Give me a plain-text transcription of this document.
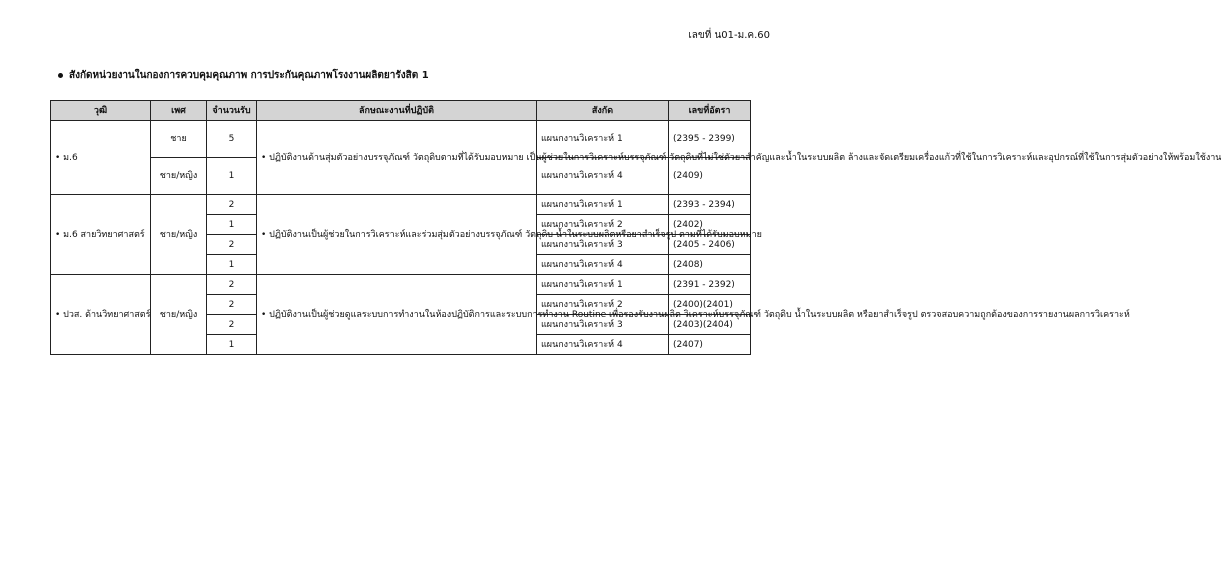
เลขที่ น01-ม.ค.60
สังกัดหน่วยงานในกองการควบคุมคุณภาพ การประกันคุณภาพโรงงานผลิตยารังสิต 1
วุฒิ	เพศ	จำนวนรับ	ลักษณะงานที่ปฏิบัติ	สังกัด	เลขที่อัตรา
• ม.6	ชาย	5	• ปฏิบัติงานด้านสุ่มตัวอย่างบรรจุภัณฑ์ วัตถุดิบตามที่ได้รับมอบหมาย เป็นผู้ช่วยในการวิเคราะห์บรรจุภัณฑ์ วัตถุดิบที่ไม่ใช่ตัวยาสำคัญและน้ำในระบบผลิต ล้างและจัดเตรียมเครื่องแก้วที่ใช้ในการวิเคราะห์และอุปกรณ์ที่ใช้ในการสุ่มตัวอย่างให้พร้อมใช้งาน	แผนกงานวิเคราะห์ 1	(2395 - 2399)
	ชาย/หญิง	1		แผนกงานวิเคราะห์ 4	(2409)
• ม.6 สายวิทยาศาสตร์	ชาย/หญิง	2	• ปฏิบัติงานเป็นผู้ช่วยในการวิเคราะห์และร่วมสุ่มตัวอย่างบรรจุภัณฑ์ วัตถุดิบ น้ำในระบบผลิตหรือยาสำเร็จรูป ตามที่ได้รับมอบหมาย	แผนกงานวิเคราะห์ 1	(2393 - 2394)
		1		แผนกงานวิเคราะห์ 2	(2402)
		2		แผนกงานวิเคราะห์ 3	(2405 - 2406)
		1		แผนกงานวิเคราะห์ 4	(2408)
• ปวส. ด้านวิทยาศาสตร์	ชาย/หญิง	2	• ปฏิบัติงานเป็นผู้ช่วยดูแลระบบการทำงานในห้องปฏิบัติการและระบบการทำงาน Routine เพื่อรองรับงานผลิต วิเคราะห์บรรจุภัณฑ์ วัตถุดิบ น้ำในระบบผลิต หรือยาสำเร็จรูป ตรวจสอบความถูกต้องของการรายงานผลการวิเคราะห์	แผนกงานวิเคราะห์ 1	(2391 - 2392)
		2		แผนกงานวิเคราะห์ 2	(2400)(2401)
		2		แผนกงานวิเคราะห์ 3	(2403)(2404)
		1		แผนกงานวิเคราะห์ 4	(2407)
